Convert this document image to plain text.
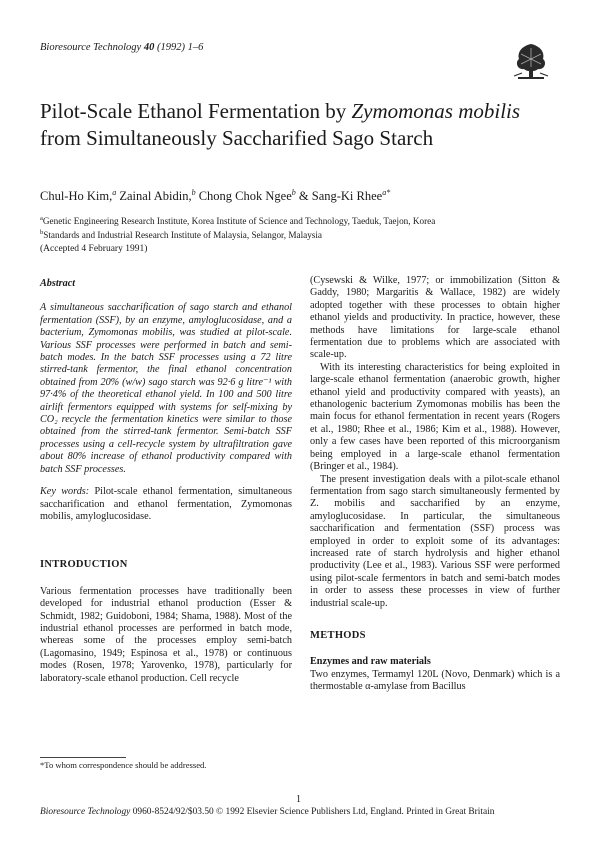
Bioresource Technology 40 (1992) 1–6
Pilot-Scale Ethanol Fermentation by Zymomonas mobilis from Simultaneously Saccharified Sago Starch
Chul-Ho Kim,$^a$ Zainal Abidin,$^b$ Chong Chok Ngee$^b$ & Sang-Ki Rhee$^{a*}$
$^a$Genetic Engineering Research Institute, Korea Institute of Science and Technology, Taeduk, Taejon, Korea
$^b$Standards and Industrial Research Institute of Malaysia, Selangor, Malaysia
(Accepted 4 February 1991)
Abstract

A simultaneous saccharification of sago starch and ethanol fermentation (SSF), by an enzyme, amyloglucosidase, and a bacterium, Zymomonas mobilis, was studied at pilot-scale. Various SSF processes were performed in batch and semi-batch modes. In the batch SSF processes using a 72 litre stirred-tank fermentor, the final ethanol concentration obtained from 20% (w/w) sago starch was 92·6 g litre⁻¹ with 97·4% of the theoretical ethanol yield. In 100 and 500 litre airlift fermentors equipped with systems for self-mixing by CO₂ recycle the fermentation kinetics were similar to those obtained from the stirred-tank fermentor. Semi-batch SSF processes using a cell-recycle system by ultrafiltration gave about 80% increase of ethanol productivity compared with batch SSF processes.

Key words: Pilot-scale ethanol fermentation, simultaneous saccharification and ethanol fermentation, Zymomonas mobilis, amyloglucosidase.

INTRODUCTION

Various fermentation processes have traditionally been developed for industrial ethanol production (Esser & Schmidt, 1982; Guidoboni, 1984; Shama, 1988). Most of the industrial ethanol processes are performed in batch mode, whereas some of the processes employ semi-batch (Lagomasino, 1949; Espinosa et al., 1978) or continuous modes (Rosen, 1978; Yarovenko, 1978), particularly for laboratory-scale ethanol production. Cell recycle

(Cysewski & Wilke, 1977; or immobilization (Sitton & Gaddy, 1980; Margaritis & Wallace, 1982) are widely adopted together with these processes to obtain higher ethanol yields and productivity. In practice, however, these methods have limitations for large-scale ethanol fermentation due to problems which are associated with scale-up.

With its interesting characteristics for being exploited in large-scale ethanol fermentation (anaerobic growth, higher ethanol yield and productivity compared with yeasts), an ethanologenic bacterium Zymomonas mobilis has been the main focus for ethanol fermentation in recent years (Rogers et al., 1980; Rhee et al., 1986; Kim et al., 1988). However, only a few cases have been reported of this microorganism being employed in a large-scale ethanol fermentation (Bringer et al., 1984).

The present investigation deals with a pilot-scale ethanol fermentation from sago starch simultaneously fermented by Z. mobilis and saccharified by an enzyme, amyloglucosidase. In particular, the simultaneous saccharification and fermentation (SSF) process was employed in order to exploit some of its advantages: increased rate of starch hydrolysis and higher ethanol productivity (Lee et al., 1983). Various SSF were performed using pilot-scale fermentors in batch and semi-batch modes in order to assess these processes in view of further industrial scale-up.

METHODS

Enzymes and raw materials

Two enzymes, Termamyl 120L (Novo, Denmark) which is a thermostable α-amylase from Bacillus

*To whom correspondence should be addressed.
1
Bioresource Technology 0960-8524/92/$03.50 © 1992 Elsevier Science Publishers Ltd, England. Printed in Great Britain
